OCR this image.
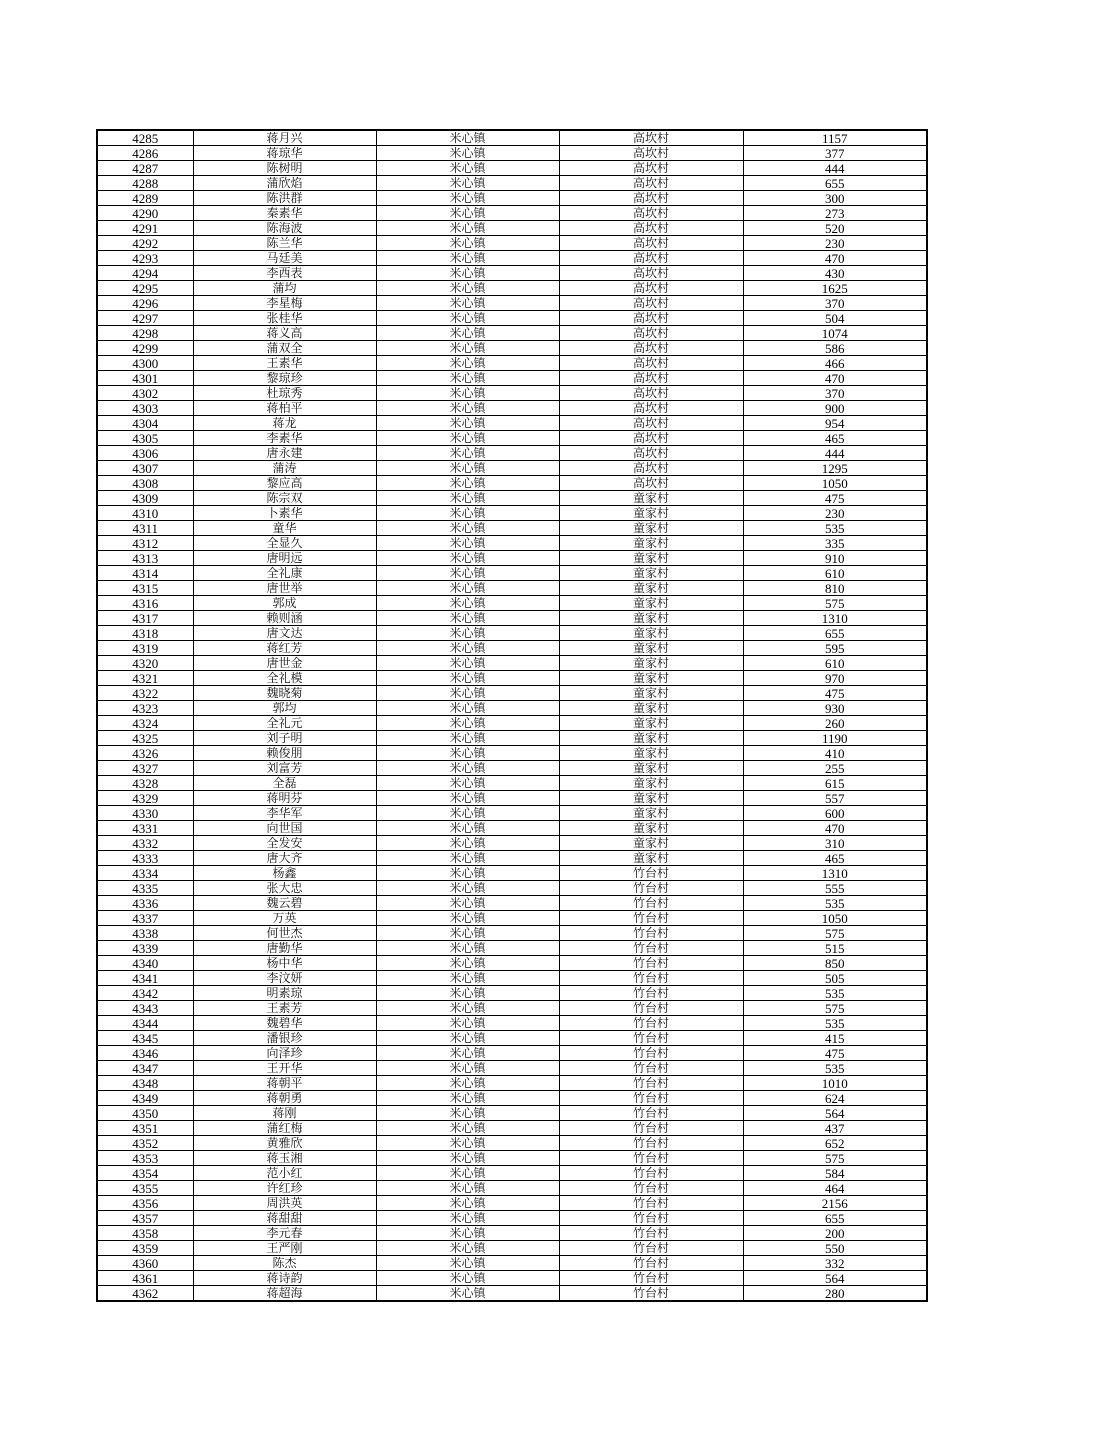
4285	蒋月兴	米心镇	高坎村	1157
4286	蒋琼华	米心镇	高坎村	377
4287	陈树明	米心镇	高坎村	444
4288	蒲欣焰	米心镇	高坎村	655
4289	陈洪群	米心镇	高坎村	300
4290	秦素华	米心镇	高坎村	273
4291	陈海波	米心镇	高坎村	520
4292	陈兰华	米心镇	高坎村	230
4293	马廷美	米心镇	高坎村	470
4294	李西表	米心镇	高坎村	430
4295	蒲均	米心镇	高坎村	1625
4296	李星梅	米心镇	高坎村	370
4297	张桂华	米心镇	高坎村	504
4298	蒋义高	米心镇	高坎村	1074
4299	蒲双全	米心镇	高坎村	586
4300	王素华	米心镇	高坎村	466
4301	黎琼珍	米心镇	高坎村	470
4302	杜琼秀	米心镇	高坎村	370
4303	蒋柏平	米心镇	高坎村	900
4304	蒋龙	米心镇	高坎村	954
4305	李素华	米心镇	高坎村	465
4306	唐永建	米心镇	高坎村	444
4307	蒲涛	米心镇	高坎村	1295
4308	黎应高	米心镇	高坎村	1050
4309	陈宗双	米心镇	童家村	475
4310	卜素华	米心镇	童家村	230
4311	童华	米心镇	童家村	535
4312	全显久	米心镇	童家村	335
4313	唐明远	米心镇	童家村	910
4314	全礼康	米心镇	童家村	610
4315	唐世举	米心镇	童家村	810
4316	郭成	米心镇	童家村	575
4317	赖则涵	米心镇	童家村	1310
4318	唐文达	米心镇	童家村	655
4319	蒋红芳	米心镇	童家村	595
4320	唐世金	米心镇	童家村	610
4321	全礼模	米心镇	童家村	970
4322	魏晓菊	米心镇	童家村	475
4323	郭均	米心镇	童家村	930
4324	全礼元	米心镇	童家村	260
4325	刘子明	米心镇	童家村	1190
4326	赖俊朋	米心镇	童家村	410
4327	刘富芳	米心镇	童家村	255
4328	全磊	米心镇	童家村	615
4329	蒋明芬	米心镇	童家村	557
4330	李华军	米心镇	童家村	600
4331	向世国	米心镇	童家村	470
4332	全发安	米心镇	童家村	310
4333	唐大齐	米心镇	童家村	465
4334	杨鑫	米心镇	竹台村	1310
4335	张大忠	米心镇	竹台村	555
4336	魏云碧	米心镇	竹台村	535
4337	万英	米心镇	竹台村	1050
4338	何世杰	米心镇	竹台村	575
4339	唐勤华	米心镇	竹台村	515
4340	杨中华	米心镇	竹台村	850
4341	李汶妍	米心镇	竹台村	505
4342	明素琼	米心镇	竹台村	535
4343	王素芳	米心镇	竹台村	575
4344	魏碧华	米心镇	竹台村	535
4345	潘银珍	米心镇	竹台村	415
4346	向泽珍	米心镇	竹台村	475
4347	王开华	米心镇	竹台村	535
4348	蒋朝平	米心镇	竹台村	1010
4349	蒋朝勇	米心镇	竹台村	624
4350	蒋刚	米心镇	竹台村	564
4351	蒲红梅	米心镇	竹台村	437
4352	黄雅欣	米心镇	竹台村	652
4353	蒋玉湘	米心镇	竹台村	575
4354	范小红	米心镇	竹台村	584
4355	许红珍	米心镇	竹台村	464
4356	周洪英	米心镇	竹台村	2156
4357	蒋甜甜	米心镇	竹台村	655
4358	李元春	米心镇	竹台村	200
4359	王严刚	米心镇	竹台村	550
4360	陈杰	米心镇	竹台村	332
4361	蒋诗韵	米心镇	竹台村	564
4362	蒋超海	米心镇	竹台村	280
